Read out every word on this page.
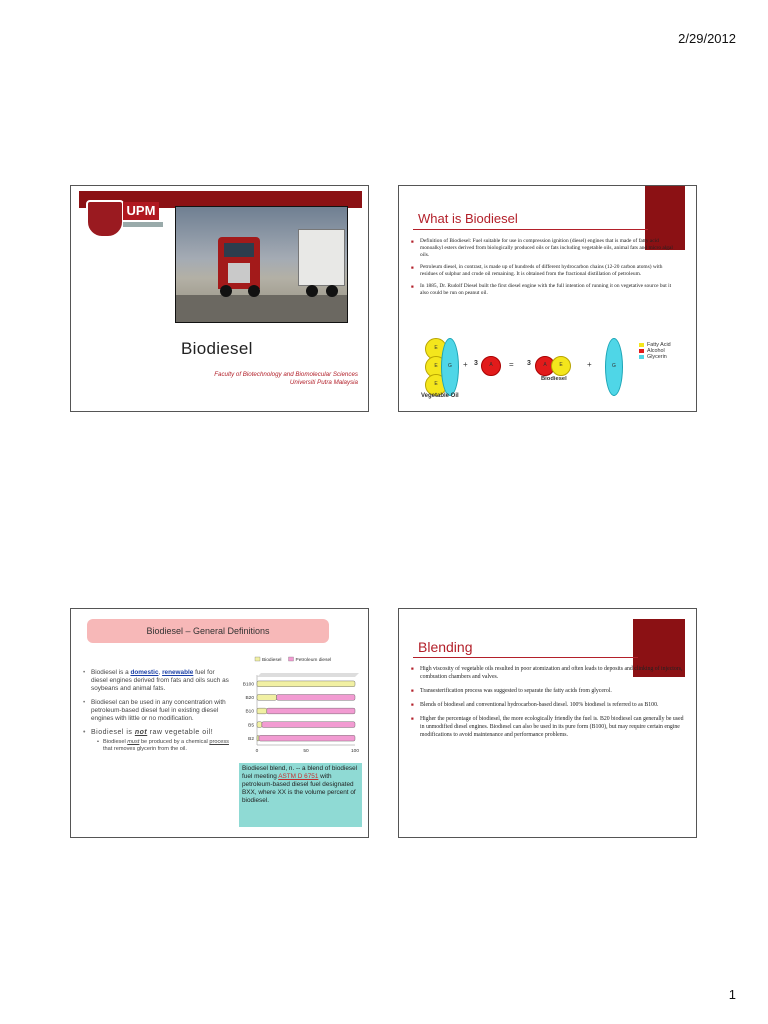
2/29/2012
UPM
Biodiesel
Faculty of Biotechnology and Biomolecular Sciences
Universiti Putra Malaysia
What is Biodiesel
■ Definition of Biodiesel: Fuel suitable for use in compression ignition (diesel) engines that is made of fatty acid monoalkyl esters derived from biologically produced oils or fats including vegetable oils, animal fats and micro algal oils.
■ Petroleum diesel, in contrast, is made up of hundreds of different hydrocarbon chains (12-20 carbon atoms) with residues of sulphur and crude oil remaining. It is obtained from the fractional distillation of petroleum.
■ In 1885, Dr. Rudolf Diesel built the first diesel engine with the full intention of running it on vegetative source but it also could be run on peanut oil.
E
E
E
G	+ 3	A	= 3	A	E	+	G
Fatty Acid
Alcohol
Glycerin
Biodiesel
Vegetable Oil
Biodiesel – General Definitions
• Biodiesel is a domestic, renewable fuel for diesel engines derived from fats and oils such as soybeans and animal fats.
• Biodiesel can be used in any concentration with petroleum-based diesel fuel in existing diesel engines with little or no modification.
• Biodiesel is not raw vegetable oil!
• Biodiesel must be produced by a chemical process that removes glycerin from the oil.
Biodiesel	Petroleum diesel
B100
B20
B10
B5
B2
0	50	100
Biodiesel blend, n. -- a blend of biodiesel fuel meeting ASTM D 6751 with petroleum-based diesel fuel designated BXX, where XX is the volume percent of biodiesel.
Blending
■ High viscosity of vegetable oils resulted in poor atomization and often leads to deposits and clinking of injectors, combustion chambers and valves.
■ Transesterification process was suggested to separate the fatty acids from glycerol.
■ Blends of biodiesel and conventional hydrocarbon-based diesel. 100% biodiesel is referred to as B100.
■ Higher the percentage of biodiesel, the more ecologically friendly the fuel is. B20 biodiesel can generally be used in unmodified diesel engines. Biodiesel can also be used in its pure form (B100), but may require certain engine modifications to avoid maintenance and performance problems.
1
